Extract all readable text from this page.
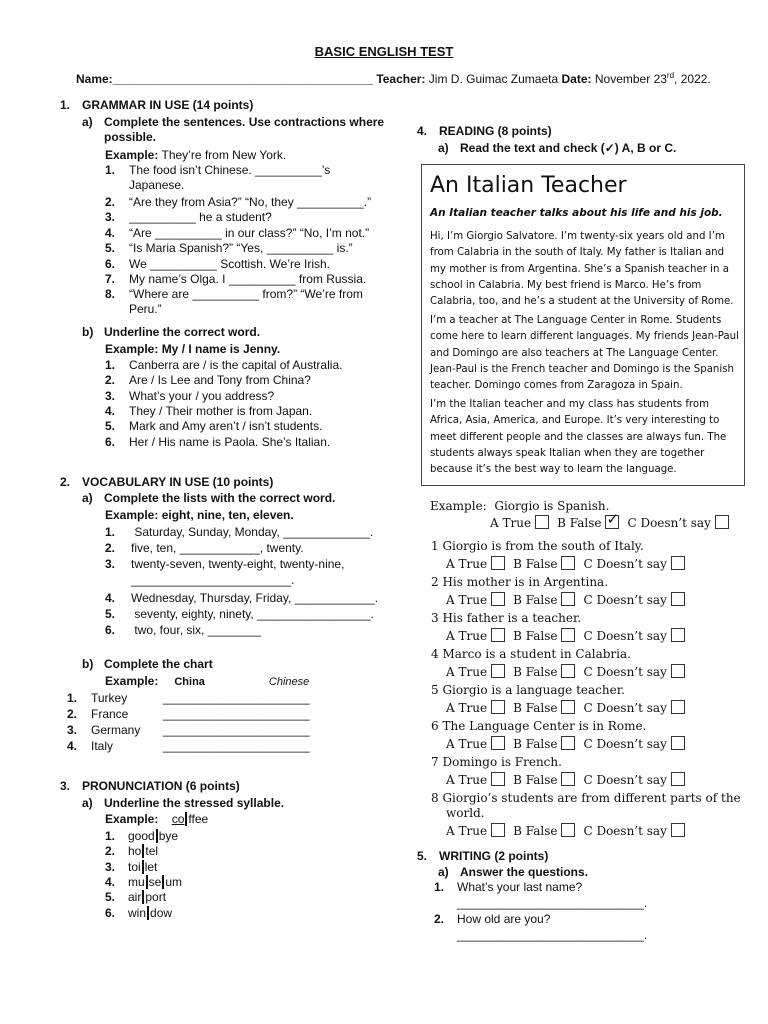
BASIC ENGLISH TEST
Name:_______________________________________ Teacher: Jim D. Guimac Zumaeta Date: November 23rd, 2022.
1. GRAMMAR IN USE (14 points)
a) Complete the sentences. Use contractions where
possible.
Example: They’re from New York.
1. The food isn’t Chinese. __________’s
Japanese.
2. “Are they from Asia?” “No, they __________.”
3. __________ he a student?
4. “Are __________ in our class?” “No, I’m not.”
5. “Is Maria Spanish?” “Yes, __________ is.”
6. We __________ Scottish. We’re Irish.
7. My name’s Olga. I __________ from Russia.
8. “Where are __________ from?” “We’re from
Peru.”
b) Underline the correct word.
Example: My / I name is Jenny.
1. Canberra are / is the capital of Australia.
2. Are / Is Lee and Tony from China?
3. What’s your / you address?
4. They / Their mother is from Japan.
5. Mark and Amy aren’t / isn’t students.
6. Her / His name is Paola. She’s Italian.
2. VOCABULARY IN USE (10 points)
a) Complete the lists with the correct word.
Example: eight, nine, ten, eleven.
1. Saturday, Sunday, Monday, _____________.
2. five, ten, ____________, twenty.
3. twenty-seven, twenty-eight, twenty-nine,
________________________.
4. Wednesday, Thursday, Friday, ____________.
5. seventy, eighty, ninety, _________________.
6. two, four, six, ________
b) Complete the chart
Example: China	Chinese
1. Turkey	______________________
2. France	______________________
3. Germany ______________________
4. Italy	______________________
3. PRONUNCIATION (6 points)
a) Underline the stressed syllable.
Example: co ffee
1. good bye
2. ho tel
3. toi let
4. mu se um
5. air port
6. win dow
4. READING (8 points)
a) Read the text and check (✓) A, B or C.
An Italian Teacher
An Italian teacher talks about his life and his job.
Hi, I’m Giorgio Salvatore. I’m twenty-six years old and I’m from Calabria in the south of Italy. My father is Italian and my mother is from Argentina. She’s a Spanish teacher in a school in Calabria. My best friend is Marco. He’s from Calabria, too, and he’s a student at the University of Rome.
I’m a teacher at The Language Center in Rome. Students come here to learn different languages. My friends Jean-Paul and Domingo are also teachers at The Language Center. Jean-Paul is the French teacher and Domingo is the Spanish teacher. Domingo comes from Zaragoza in Spain.
I’m the Italian teacher and my class has students from Africa, Asia, America, and Europe. It’s very interesting to meet different people and the classes are always fun. The students always speak Italian when they are together because it’s the best way to learn the language.
Example: Giorgio is Spanish.
A True B False ✓ C Doesn’t say
1 Giorgio is from the south of Italy.
A True B False C Doesn’t say
2 His mother is in Argentina.
A True B False C Doesn’t say
3 His father is a teacher.
A True B False C Doesn’t say
4 Marco is a student in Calabria.
A True B False C Doesn’t say
5 Giorgio is a language teacher.
A True B False C Doesn’t say
6 The Language Center is in Rome.
A True B False C Doesn’t say
7 Domingo is French.
A True B False C Doesn’t say
8 Giorgio’s students are from different parts of the
world.
A True B False C Doesn’t say
5. WRITING (2 points)
a) Answer the questions.
1. What’s your last name?
____________________________.
2. How old are you?
____________________________.
